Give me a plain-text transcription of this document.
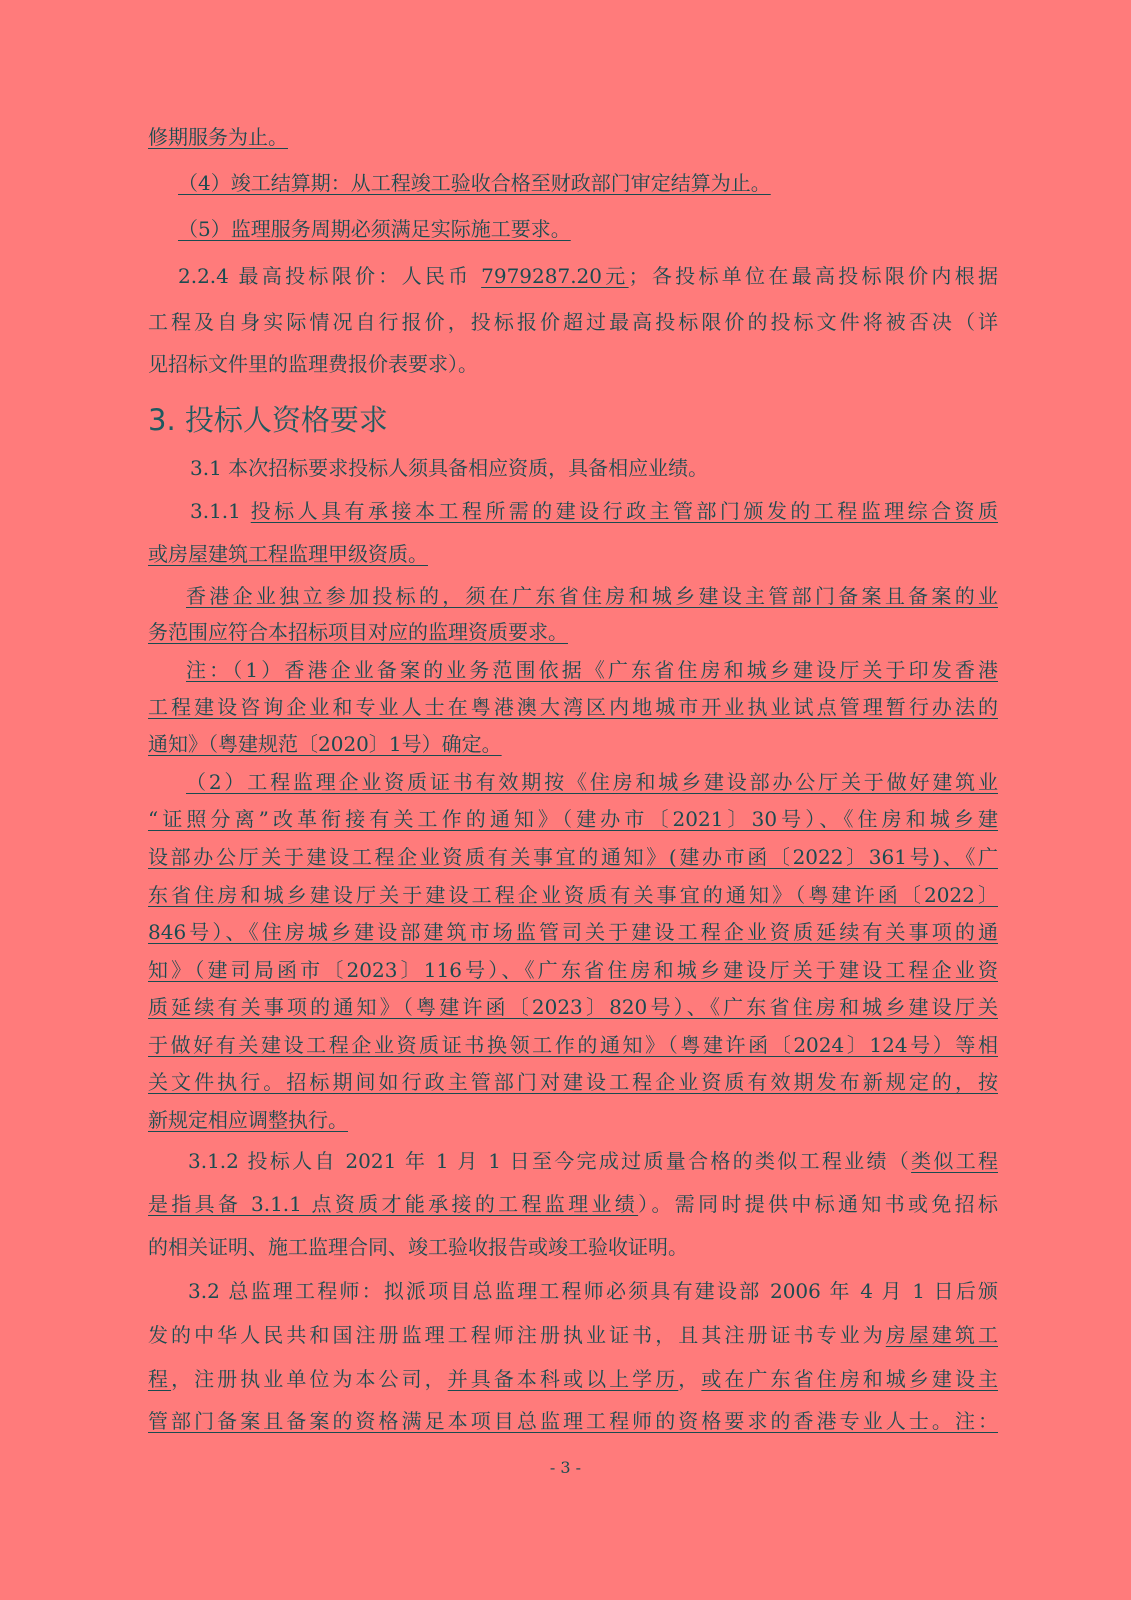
修期服务为止。
（4）竣工结算期：从工程竣工验收合格至财政部门审定结算为止。
（5）监理服务周期必须满足实际施工要求。
2.2.4 最高投标限价：人民币 7979287.20元；各投标单位在最高投标限价内根据
工程及自身实际情况自行报价，投标报价超过最高投标限价的投标文件将被否决（详
见招标文件里的监理费报价表要求）。
3. 投标人资格要求
3.1 本次招标要求投标人须具备相应资质，具备相应业绩。
3.1.1 投标人具有承接本工程所需的建设行政主管部门颁发的工程监理综合资质
或房屋建筑工程监理甲级资质。
香港企业独立参加投标的，须在广东省住房和城乡建设主管部门备案且备案的业
务范围应符合本招标项目对应的监理资质要求。
注：（1）香港企业备案的业务范围依据《广东省住房和城乡建设厅关于印发香港
工程建设咨询企业和专业人士在粤港澳大湾区内地城市开业执业试点管理暂行办法的
通知》（粤建规范〔2020〕1号）确定。
（2）工程监理企业资质证书有效期按《住房和城乡建设部办公厅关于做好建筑业
“证照分离”改革衔接有关工作的通知》（建办市〔2021〕30号）、《住房和城乡建
设部办公厅关于建设工程企业资质有关事宜的通知》(建办市函〔2022〕361号)、《广
东省住房和城乡建设厅关于建设工程企业资质有关事宜的通知》（粤建许函〔2022〕
846号）、《住房城乡建设部建筑市场监管司关于建设工程企业资质延续有关事项的通
知》（建司局函市〔2023〕116号）、《广东省住房和城乡建设厅关于建设工程企业资
质延续有关事项的通知》（粤建许函〔2023〕820号）、《广东省住房和城乡建设厅关
于做好有关建设工程企业资质证书换领工作的通知》（粤建许函〔2024〕124号）等相
关文件执行。招标期间如行政主管部门对建设工程企业资质有效期发布新规定的，按
新规定相应调整执行。
3.1.2 投标人自 2021 年 1 月 1 日至今完成过质量合格的类似工程业绩（类似工程
是指具备 3.1.1 点资质才能承接的工程监理业绩）。需同时提供中标通知书或免招标
的相关证明、施工监理合同、竣工验收报告或竣工验收证明。
3.2 总监理工程师：拟派项目总监理工程师必须具有建设部 2006 年 4 月 1 日后颁
发的中华人民共和国注册监理工程师注册执业证书，且其注册证书专业为房屋建筑工
程，注册执业单位为本公司，并具备本科或以上学历，或在广东省住房和城乡建设主
管部门备案且备案的资格满足本项目总监理工程师的资格要求的香港专业人士。注：
- 3 -
